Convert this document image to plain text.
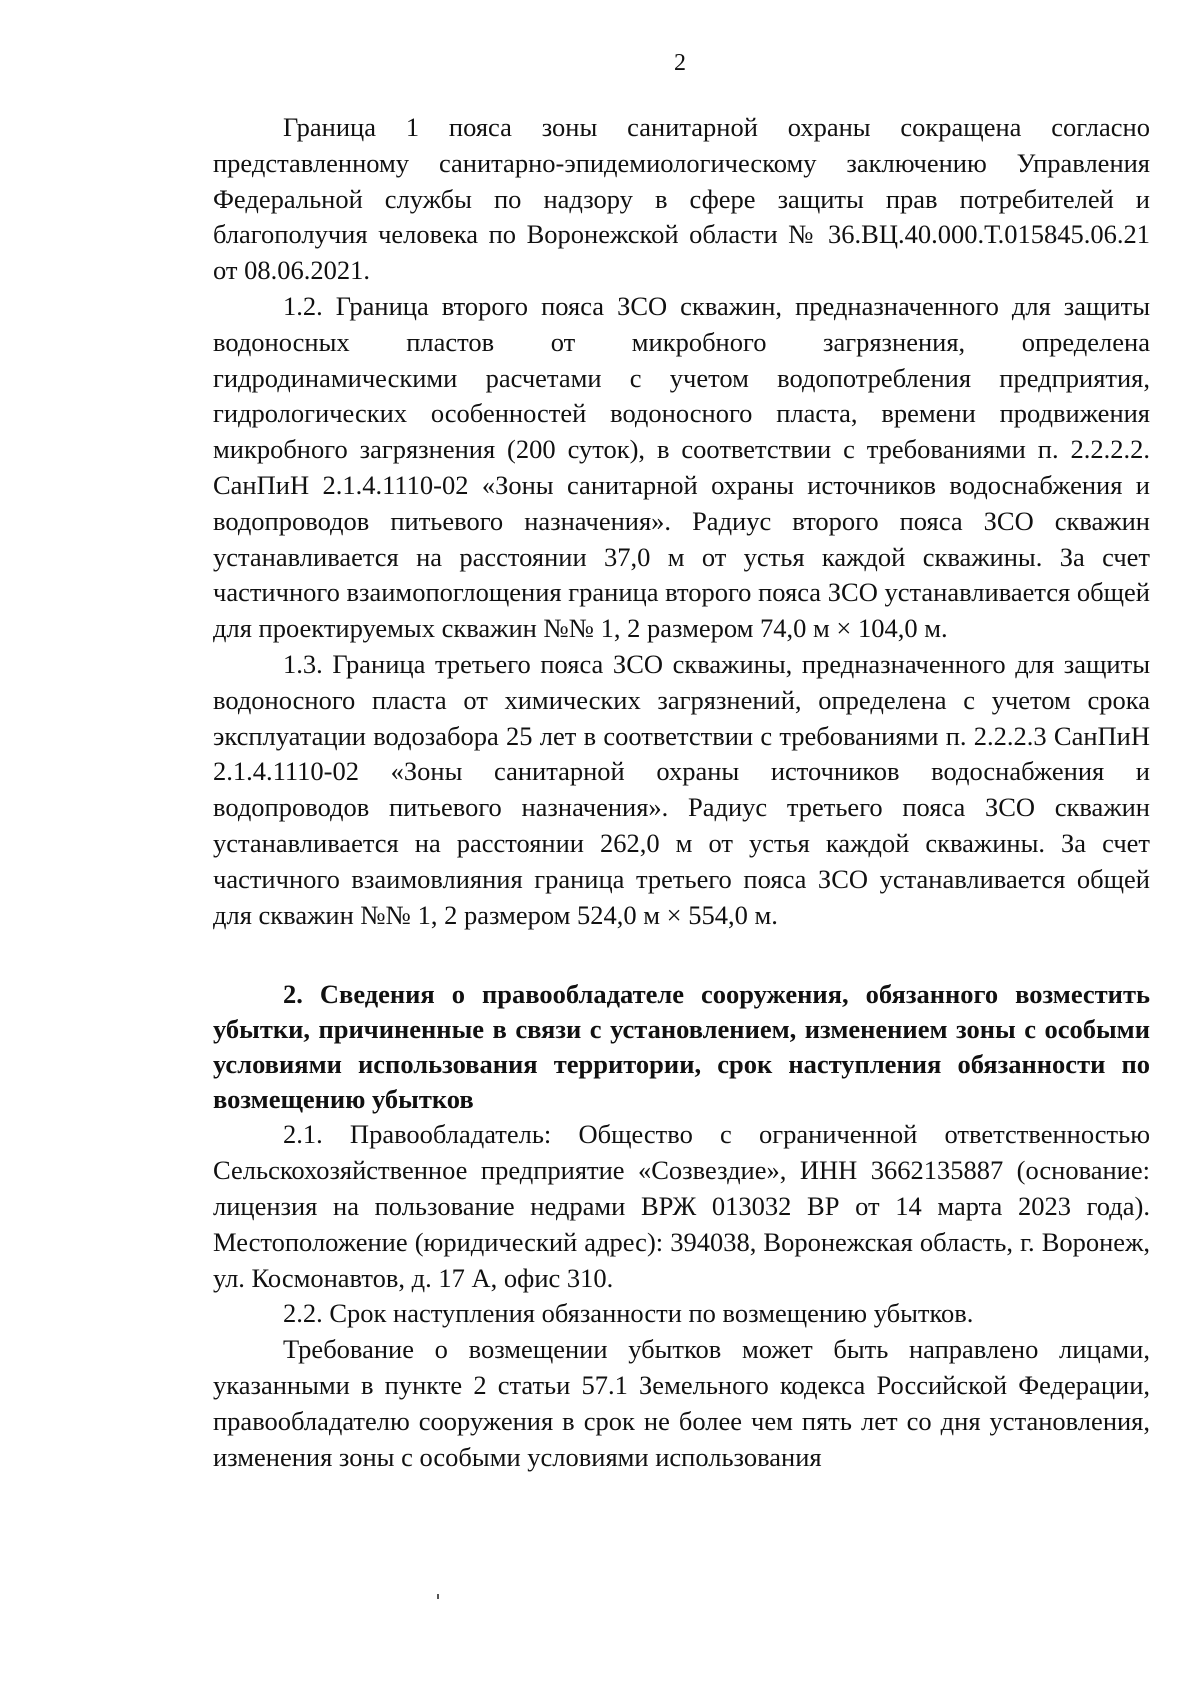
2

Граница 1 пояса зоны санитарной охраны сокращена согласно представленному санитарно-эпидемиологическому заключению Управления Федеральной службы по надзору в сфере защиты прав потребителей и благополучия человека по Воронежской области № 36.ВЦ.40.000.Т.015845.06.21 от 08.06.2021.

1.2. Граница второго пояса ЗСО скважин, предназначенного для защиты водоносных пластов от микробного загрязнения, определена гидродинамическими расчетами с учетом водопотребления предприятия, гидрологических особенностей водоносного пласта, времени продвижения микробного загрязнения (200 суток), в соответствии с требованиями п. 2.2.2.2. СанПиН 2.1.4.1110-02 «Зоны санитарной охраны источников водоснабжения и водопроводов питьевого назначения». Радиус второго пояса ЗСО скважин устанавливается на расстоянии 37,0 м от устья каждой скважины. За счет частичного взаимопоглощения граница второго пояса ЗСО устанавливается общей для проектируемых скважин №№ 1, 2 размером 74,0 м × 104,0 м.

1.3. Граница третьего пояса ЗСО скважины, предназначенного для защиты водоносного пласта от химических загрязнений, определена с учетом срока эксплуатации водозабора 25 лет в соответствии с требованиями п. 2.2.2.3 СанПиН 2.1.4.1110-02 «Зоны санитарной охраны источников водоснабжения и водопроводов питьевого назначения». Радиус третьего пояса ЗСО скважин устанавливается на расстоянии 262,0 м от устья каждой скважины. За счет частичного взаимовлияния граница третьего пояса ЗСО устанавливается общей для скважин №№ 1, 2 размером 524,0 м × 554,0 м.

2. Сведения о правообладателе сооружения, обязанного возместить убытки, причиненные в связи с установлением, изменением зоны с особыми условиями использования территории, срок наступления обязанности по возмещению убытков

2.1. Правообладатель: Общество с ограниченной ответственностью Сельскохозяйственное предприятие «Созвездие», ИНН 3662135887 (основание: лицензия на пользование недрами ВРЖ 013032 ВР от 14 марта 2023 года). Местоположение (юридический адрес): 394038, Воронежская область, г. Воронеж, ул. Космонавтов, д. 17 А, офис 310.

2.2. Срок наступления обязанности по возмещению убытков.

Требование о возмещении убытков может быть направлено лицами, указанными в пункте 2 статьи 57.1 Земельного кодекса Российской Федерации, правообладателю сооружения в срок не более чем пять лет со дня установления, изменения зоны с особыми условиями использования
